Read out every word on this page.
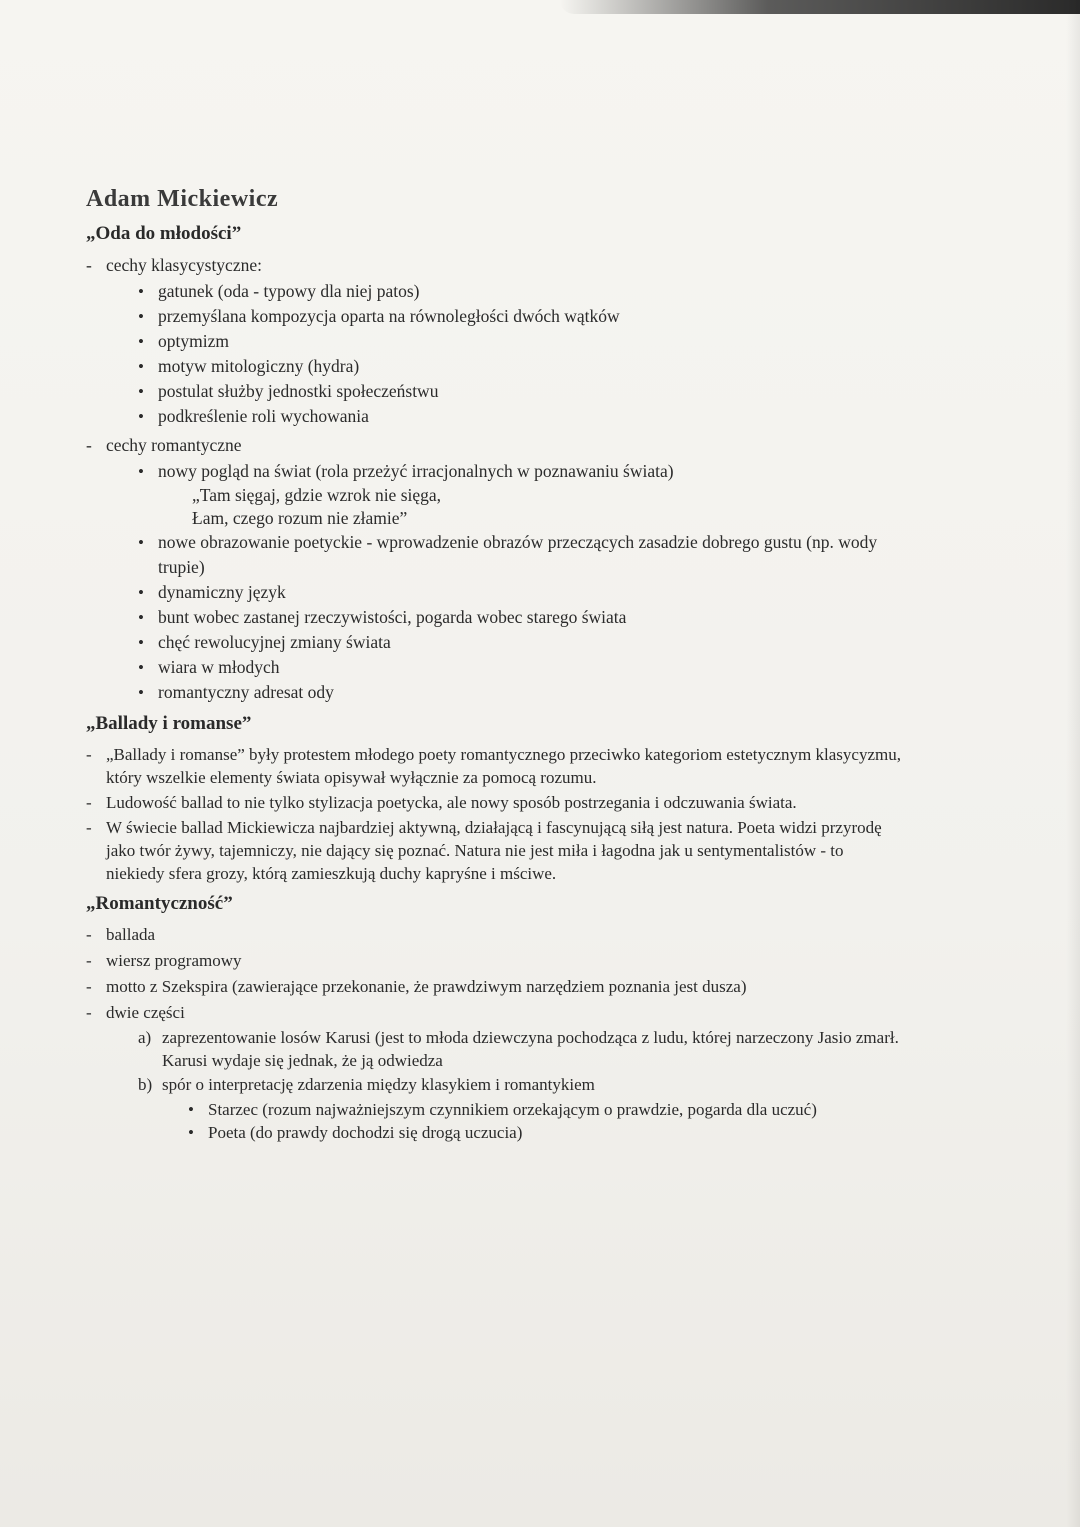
Adam Mickiewicz
„Oda do młodości”
- cechy klasycystyczne:
• gatunek (oda - typowy dla niej patos)
• przemyślana kompozycja oparta na równoległości dwóch wątków
• optymizm
• motyw mitologiczny (hydra)
• postulat służby jednostki społeczeństwu
• podkreślenie roli wychowania
- cechy romantyczne
• nowy pogląd na świat (rola przeżyć irracjonalnych w poznawaniu świata)
„Tam sięgaj, gdzie wzrok nie sięga,
Łam, czego rozum nie złamie”
• nowe obrazowanie poetyckie - wprowadzenie obrazów przeczących zasadzie dobrego gustu (np. wody trupie)
• dynamiczny język
• bunt wobec zastanej rzeczywistości, pogarda wobec starego świata
• chęć rewolucyjnej zmiany świata
• wiara w młodych
• romantyczny adresat ody
„Ballady i romanse”
- „Ballady i romanse” były protestem młodego poety romantycznego przeciwko kategoriom estetycznym klasycyzmu, który wszelkie elementy świata opisywał wyłącznie za pomocą rozumu.
- Ludowość ballad to nie tylko stylizacja poetycka, ale nowy sposób postrzegania i odczuwania świata.
- W świecie ballad Mickiewicza najbardziej aktywną, działającą i fascynującą siłą jest natura. Poeta widzi przyrodę jako twór żywy, tajemniczy, nie dający się poznać. Natura nie jest miła i łagodna jak u sentymentalistów - to niekiedy sfera grozy, którą zamieszkują duchy kapryśne i mściwe.
„Romantyczność”
- ballada
- wiersz programowy
- motto z Szekspira (zawierające przekonanie, że prawdziwym narzędziem poznania jest dusza)
- dwie części
a) zaprezentowanie losów Karusi (jest to młoda dziewczyna pochodząca z ludu, której narzeczony Jasio zmarł. Karusi wydaje się jednak, że ją odwiedza
b) spór o interpretację zdarzenia między klasykiem i romantykiem
• Starzec (rozum najważniejszym czynnikiem orzekającym o prawdzie, pogarda dla uczuć)
• Poeta (do prawdy dochodzi się drogą uczucia)
